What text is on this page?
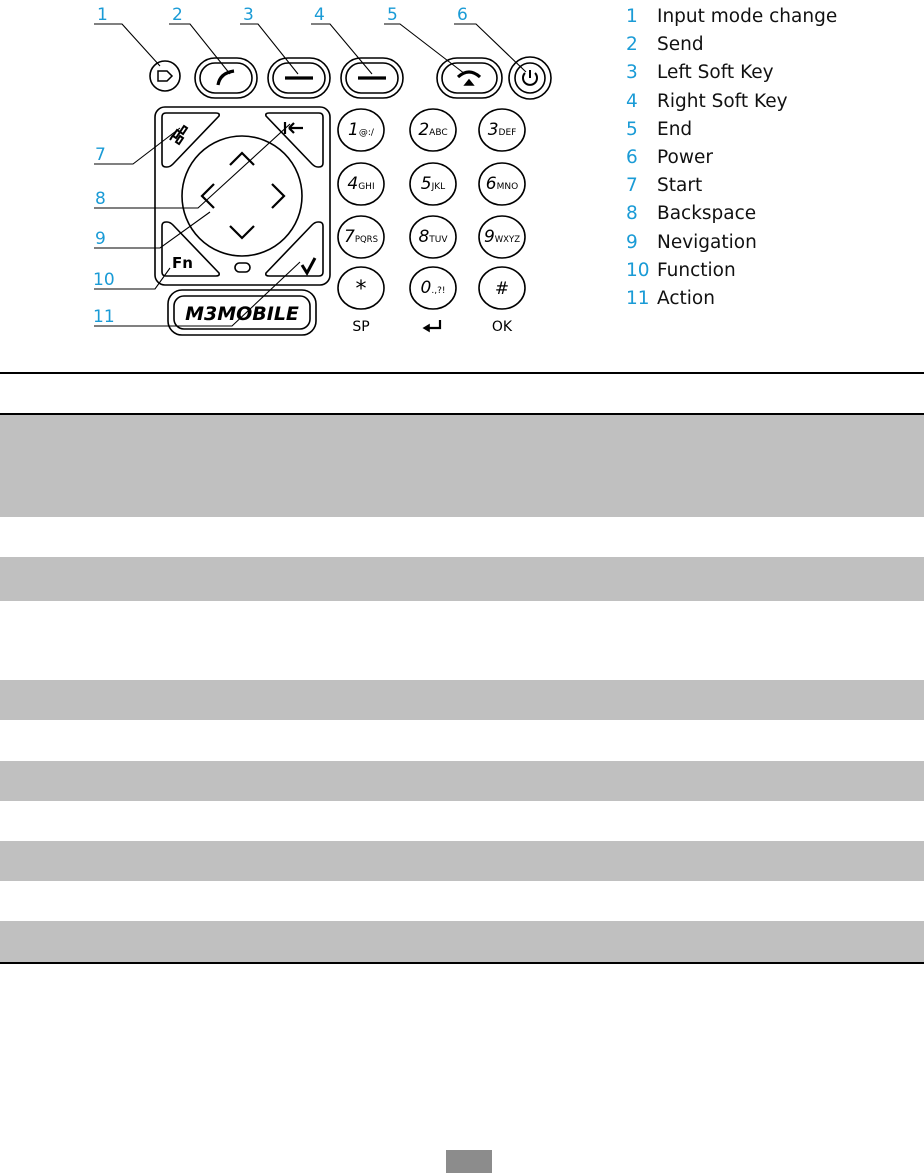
1@:/	2ABC 3DEF
4GHI	5JKL 6MNO
7PQRS 8TUV 9WXYZ
*	0.,?!	#
SP	OK
Fn
M3MOBILE
1	2	3	4	5	6
7
8
9
10
11
1 Input mode change
2 Send
3 Left Soft Key
4 Right Soft Key
5 End
6 Power
7 Start
8 Backspace
9 Nevigation
10 Function
11 Action
